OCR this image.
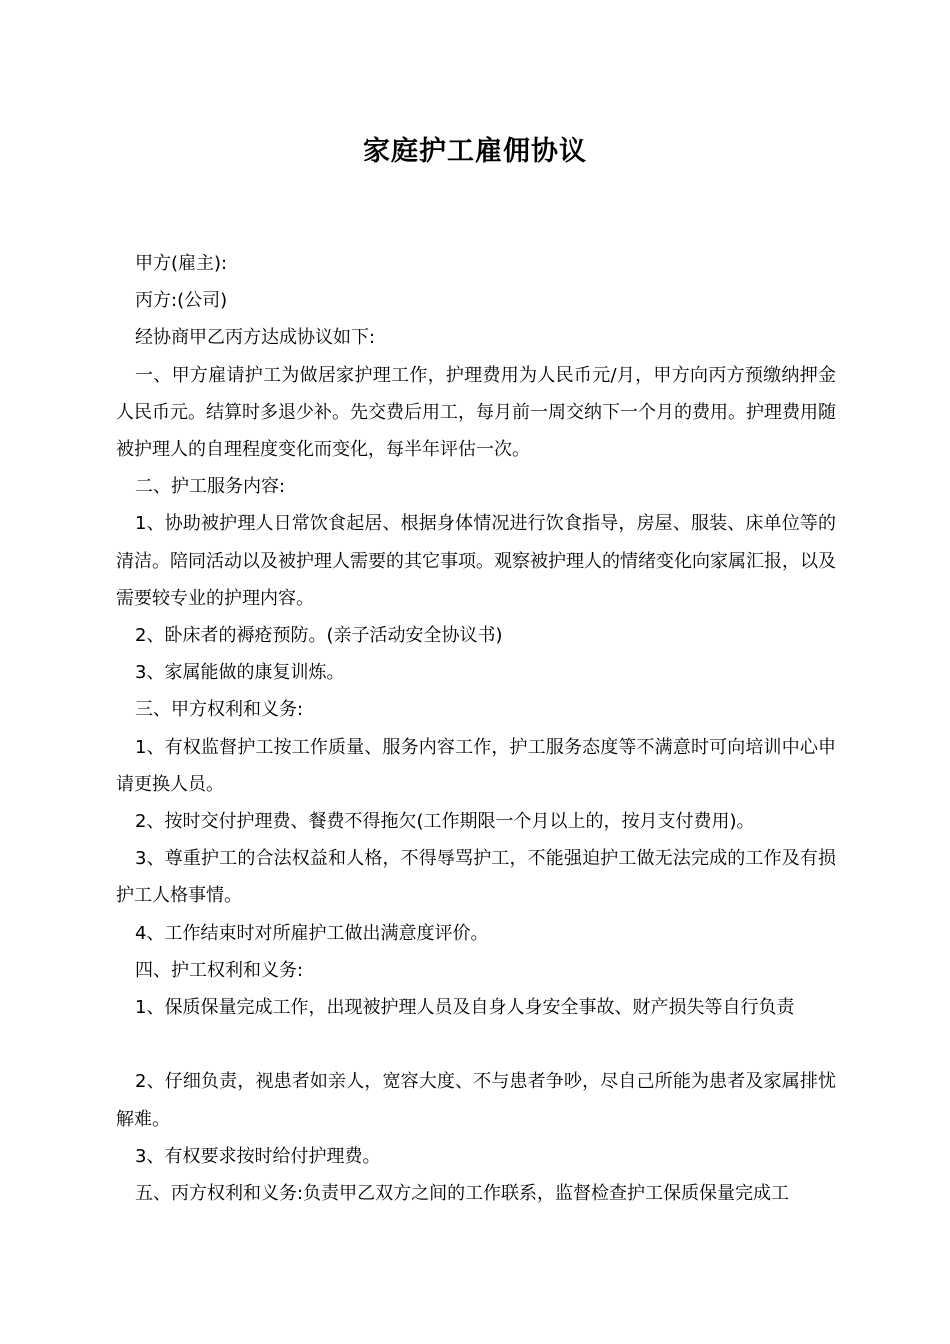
家庭护工雇佣协议

甲方(雇主):

丙方:(公司)

经协商甲乙丙方达成协议如下:

一、甲方雇请护工为做居家护理工作，护理费用为人民币元/月，甲方向丙方预缴纳押金人民币元。结算时多退少补。先交费后用工，每月前一周交纳下一个月的费用。护理费用随被护理人的自理程度变化而变化，每半年评估一次。

二、护工服务内容:

1、协助被护理人日常饮食起居、根据身体情况进行饮食指导，房屋、服装、床单位等的清洁。陪同活动以及被护理人需要的其它事项。观察被护理人的情绪变化向家属汇报，以及需要较专业的护理内容。

2、卧床者的褥疮预防。(亲子活动安全协议书)

3、家属能做的康复训炼。

三、甲方权利和义务:

1、有权监督护工按工作质量、服务内容工作，护工服务态度等不满意时可向培训中心申请更换人员。

2、按时交付护理费、餐费不得拖欠(工作期限一个月以上的，按月支付费用)。

3、尊重护工的合法权益和人格，不得辱骂护工，不能强迫护工做无法完成的工作及有损护工人格事情。

4、工作结束时对所雇护工做出满意度评价。

四、护工权利和义务:

1、保质保量完成工作，出现被护理人员及自身人身安全事故、财产损失等自行负责

2、仔细负责，视患者如亲人，宽容大度、不与患者争吵，尽自己所能为患者及家属排忧解难。

3、有权要求按时给付护理费。

五、丙方权利和义务:负责甲乙双方之间的工作联系，监督检查护工保质保量完成工
